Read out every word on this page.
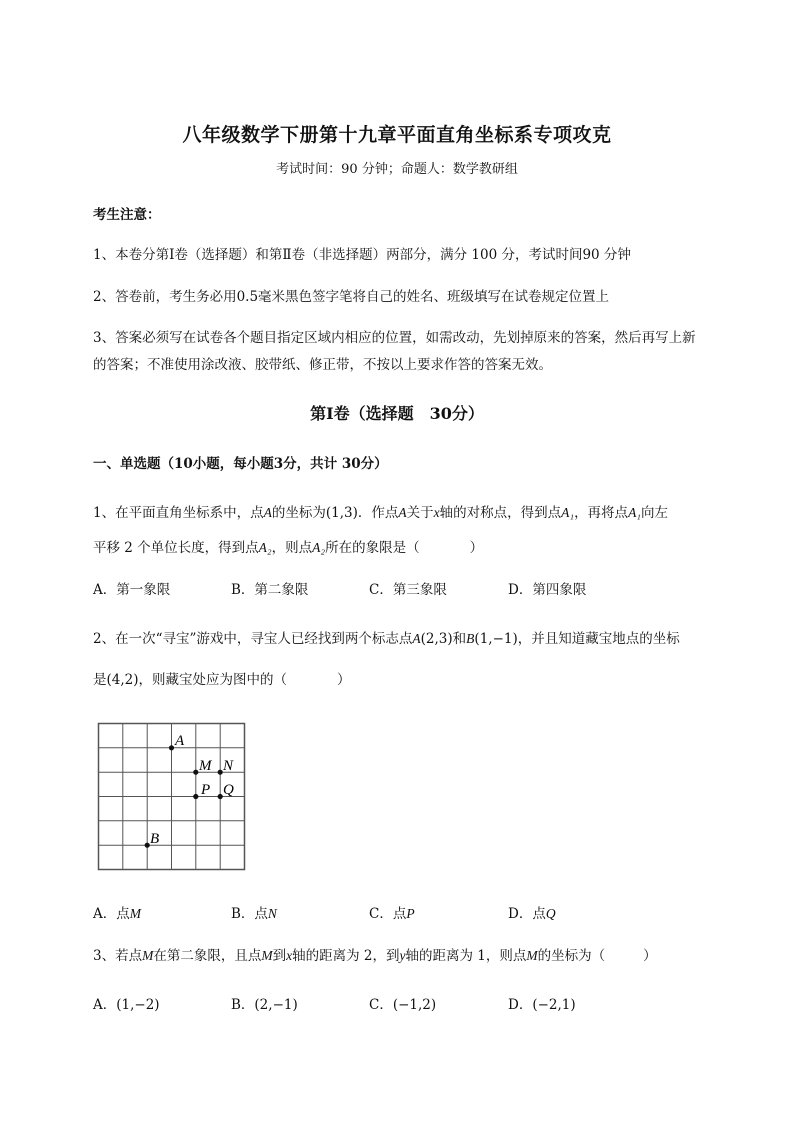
八年级数学下册第十九章平面直角坐标系专项攻克
考试时间：90 分钟；命题人：数学教研组
考生注意：
1、本卷分第Ⅰ卷（选择题）和第Ⅱ卷（非选择题）两部分，满分 100 分，考试时间90 分钟
2、答卷前，考生务必用0.5毫米黑色签字笔将自己的姓名、班级填写在试卷规定位置上
3、答案必须写在试卷各个题目指定区域内相应的位置，如需改动，先划掉原来的答案，然后再写上新
的答案；不准使用涂改液、胶带纸、修正带，不按以上要求作答的答案无效。
第Ⅰ卷（选择题　30分）
一、单选题（10小题，每小题3分，共计 30分）
1、在平面直角坐标系中，点A的坐标为(1,3)．作点A关于x轴的对称点，得到点A₁，再将点A₁向左
平移 2 个单位长度，得到点A₂，则点A₂所在的象限是（	）
A．第一象限	B．第二象限	C．第三象限	D．第四象限
2、在一次“寻宝”游戏中，寻宝人已经找到两个标志点A(2,3)和B(1,−1)，并且知道藏宝地点的坐标
是(4,2)，则藏宝处应为图中的（	）
A
M N
P Q
B
A．点M	B．点N	C．点P	D．点Q
3、若点M在第二象限，且点M到x轴的距离为 2，到y轴的距离为 1，则点M的坐标为（	）
A．(1,−2)	B．(2,−1)	C．(−1,2)	D．(−2,1)
